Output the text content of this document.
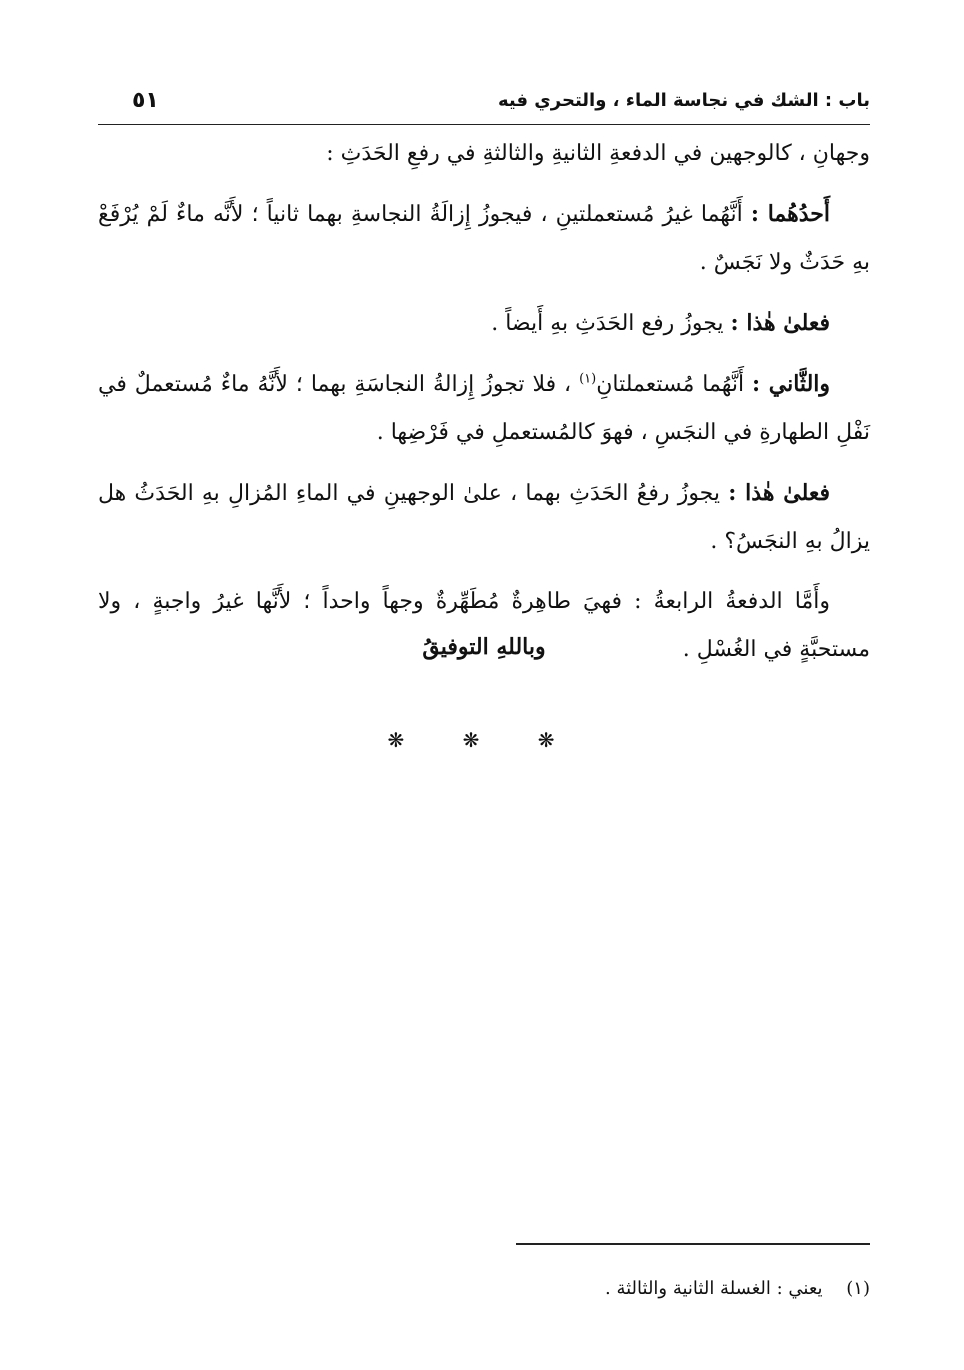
باب : الشك في نجاسة الماء ، والتحري فيه
٥١

وجهانِ ، كالوجهين في الدفعةِ الثانيةِ والثالثةِ في رفعِ الحَدَثِ :

أَحدُهُما : أَنَّهُما غيرُ مُستعملتينِ ، فيجوزُ إِزالَةُ النجاسةِ بهما ثانياً ؛ لأَنَّه ماءٌ لَمْ يُرْفَعْ بهِ حَدَثٌ ولا نَجَسٌ .

فعلىٰ هٰذا : يجوزُ رفع الحَدَثِ بهِ أَيضاً .

والثَّاني : أَنَّهُما مُستعملتانِ$^{(١)}$ ، فلا تجوزُ إِزالةُ النجاسَةِ بهما ؛ لأَنَّهُ ماءٌ مُستعملٌ في نَفْلِ الطهارةِ في النجَسِ ، فهوَ كالمُستعملِ في فَرْضِها .

فعلىٰ هٰذا : يجوزُ رفعُ الحَدَثِ بهما ، علىٰ الوجهينِ في الماءِ المُزالِ بهِ الحَدَثُ هل يزالُ بهِ النجَسُ؟ .

وأَمَّا الدفعةُ الرابعةُ : فهيَ طاهِرةٌ مُطَهِّرةٌ وجهاً واحداً ؛ لأَنَّها غيرُ واجبةٍ ، ولا مستحبَّةٍ في الغُسْلِ .

وباللهِ التوفيقُ
❋ ❋ ❋
(١) يعني : الغسلة الثانية والثالثة .
